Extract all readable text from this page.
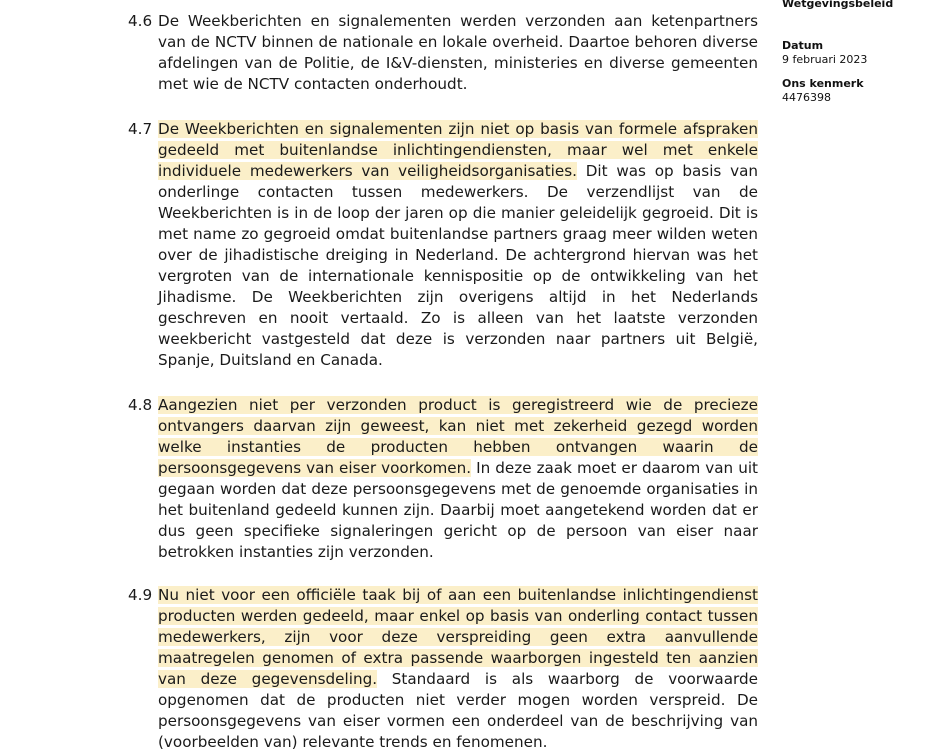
Wetgevingsbeleid
Datum
9 februari 2023
Ons kenmerk
4476398
4.6 De Weekberichten en signalementen werden verzonden aan ketenpartners van de NCTV binnen de nationale en lokale overheid. Daartoe behoren diverse afdelingen van de Politie, de I&V-diensten, ministeries en diverse gemeenten met wie de NCTV contacten onderhoudt.
4.7 De Weekberichten en signalementen zijn niet op basis van formele afspraken gedeeld met buitenlandse inlichtingendiensten, maar wel met enkele individuele medewerkers van veiligheidsorganisaties. Dit was op basis van onderlinge contacten tussen medewerkers. De verzendlijst van de Weekberichten is in de loop der jaren op die manier geleidelijk gegroeid. Dit is met name zo gegroeid omdat buitenlandse partners graag meer wilden weten over de jihadistische dreiging in Nederland. De achtergrond hiervan was het vergroten van de internationale kennispositie op de ontwikkeling van het Jihadisme. De Weekberichten zijn overigens altijd in het Nederlands geschreven en nooit vertaald. Zo is alleen van het laatste verzonden weekbericht vastgesteld dat deze is verzonden naar partners uit België, Spanje, Duitsland en Canada.
4.8 Aangezien niet per verzonden product is geregistreerd wie de precieze ontvangers daarvan zijn geweest, kan niet met zekerheid gezegd worden welke instanties de producten hebben ontvangen waarin de persoonsgegevens van eiser voorkomen. In deze zaak moet er daarom van uit gegaan worden dat deze persoonsgegevens met de genoemde organisaties in het buitenland gedeeld kunnen zijn. Daarbij moet aangetekend worden dat er dus geen specifieke signaleringen gericht op de persoon van eiser naar betrokken instanties zijn verzonden.
4.9 Nu niet voor een officiële taak bij of aan een buitenlandse inlichtingendienst producten werden gedeeld, maar enkel op basis van onderling contact tussen medewerkers, zijn voor deze verspreiding geen extra aanvullende maatregelen genomen of extra passende waarborgen ingesteld ten aanzien van deze gegevensdeling. Standaard is als waarborg de voorwaarde opgenomen dat de producten niet verder mogen worden verspreid. De persoonsgegevens van eiser vormen een onderdeel van de beschrijving van (voorbeelden van) relevante trends en fenomenen.
